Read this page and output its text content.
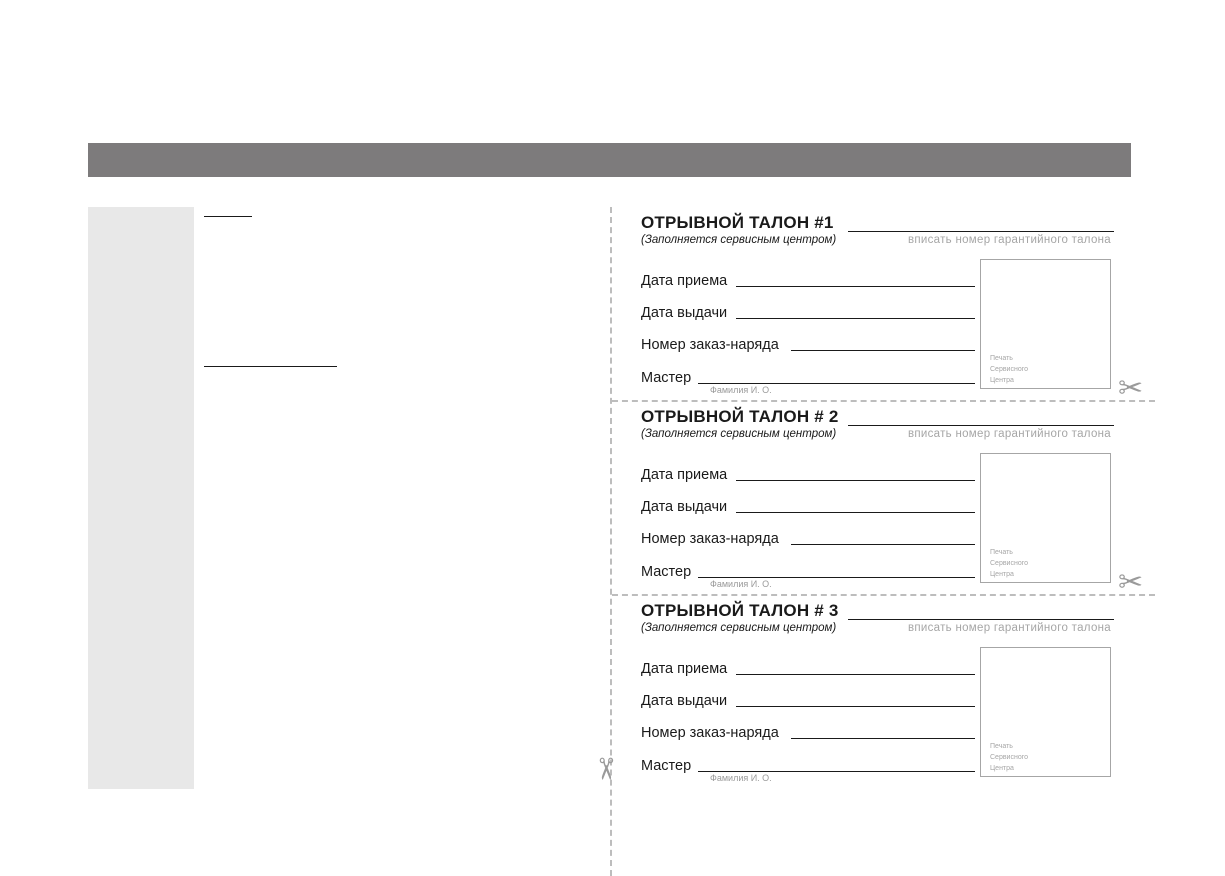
✂
✂
✂
ОТРЫВНОЙ ТАЛОН #1
(Заполняется сервисным центром)	вписать номер гарантийного талона
Дата приема
Дата выдачи
Номер заказ-наряда
Мастер
Фамилия И. О.
Печать
Сервисного
Центра
ОТРЫВНОЙ ТАЛОН # 2
(Заполняется сервисным центром)	вписать номер гарантийного талона
Дата приема
Дата выдачи
Номер заказ-наряда
Мастер
Фамилия И. О.
Печать
Сервисного
Центра
ОТРЫВНОЙ ТАЛОН # 3
(Заполняется сервисным центром)	вписать номер гарантийного талона
Дата приема
Дата выдачи
Номер заказ-наряда
Мастер
Фамилия И. О.
Печать
Сервисного
Центра
